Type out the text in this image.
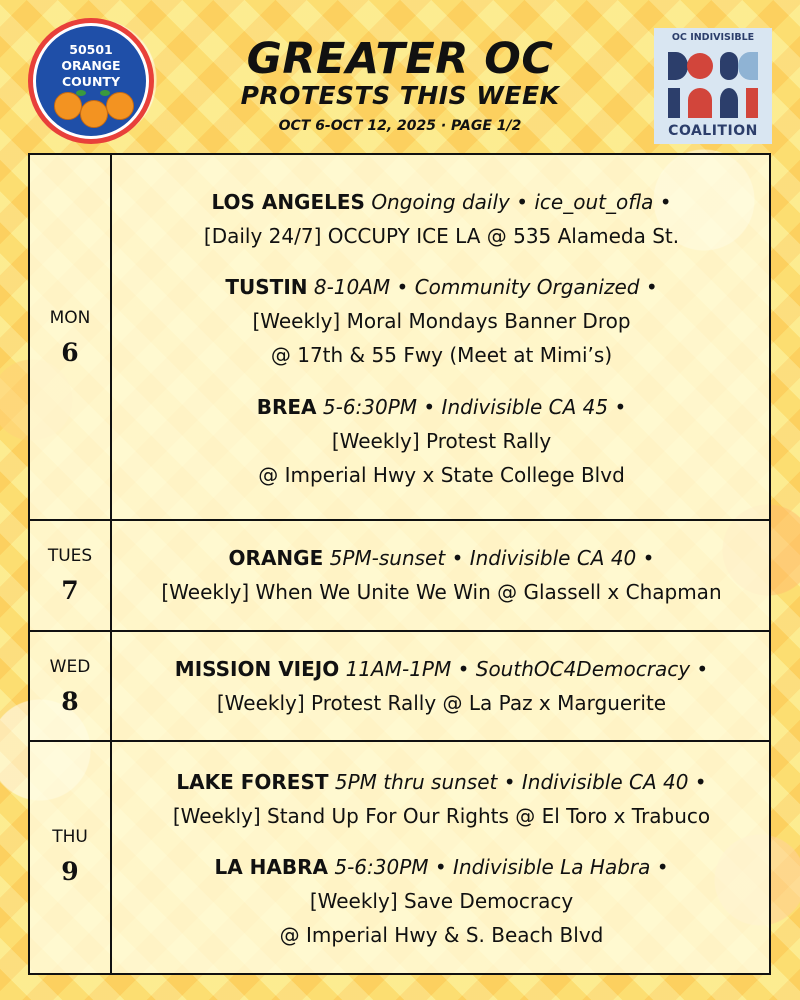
50501
ORANGE
COUNTY	GREATER OC
PROTESTS THIS WEEK
OCT 6-OCT 12, 2025 · PAGE 1/2
OC INDIVISIBLE
COALITION
MON
6
LOS ANGELES Ongoing daily • ice_out_ofla •
[Daily 24/7] OCCUPY ICE LA @ 535 Alameda St.
TUSTIN 8-10AM • Community Organized •
[Weekly] Moral Mondays Banner Drop
@ 17th & 55 Fwy (Meet at Mimi’s)
BREA 5-6:30PM • Indivisible CA 45 •
[Weekly] Protest Rally
@ Imperial Hwy x State College Blvd
TUES
7
ORANGE 5PM-sunset • Indivisible CA 40 •
[Weekly] When We Unite We Win @ Glassell x Chapman
WED
8
MISSION VIEJO 11AM-1PM • SouthOC4Democracy •
[Weekly] Protest Rally @ La Paz x Marguerite
THU
9
LAKE FOREST 5PM thru sunset • Indivisible CA 40 •
[Weekly] Stand Up For Our Rights @ El Toro x Trabuco
LA HABRA 5-6:30PM • Indivisible La Habra •
[Weekly] Save Democracy
@ Imperial Hwy & S. Beach Blvd
